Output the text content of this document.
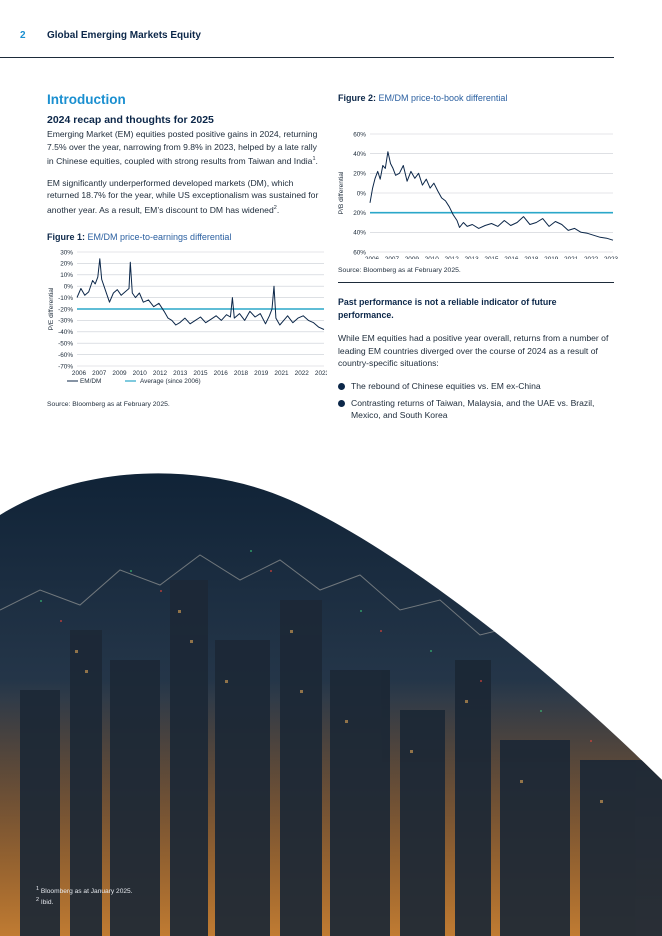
2 Global Emerging Markets Equity
Introduction
2024 recap and thoughts for 2025

Emerging Market (EM) equities posted positive gains in 2024, returning 7.5% over the year, narrowing from 9.8% in 2023, helped by a late rally in Chinese equities, coupled with strong results from Taiwan and India$^1$.

EM significantly underperformed developed markets (DM), which returned 18.7% for the year, while US exceptionalism was sustained for another year. As a result, EM’s discount to DM has widened$^2$.

Figure 1: EM/DM price-to-earnings differential
30%
20%
10%
0%
-10%
-20%
-30%
-40%
-50%
-60%
-70%
P/E differential
2006 2007 2009 2010 2012 2013 2015 2016 2018 2019 2021 2022 202
EM/DM	Average (since 2006)
Source: Bloomberg as at February 2025.
Figure 2: EM/DM price-to-book differential
60%
40%
20%
0%
20%
40%
60%
P/B differential
Source: Bloomberg as at February 2025.
Past performance is not a reliable indicator of future performance.

While EM equities had a positive year overall, returns from a number of leading EM countries diverged over the course of 2024 as a result of country-specific situations:

The rebound of Chinese equities vs. EM ex-China
Contrasting returns of Taiwan, Malaysia, and the UAE vs. Brazil, Mexico, and South Korea
$^1$ Bloomberg as at January 2025.
$^2$ Ibid.
